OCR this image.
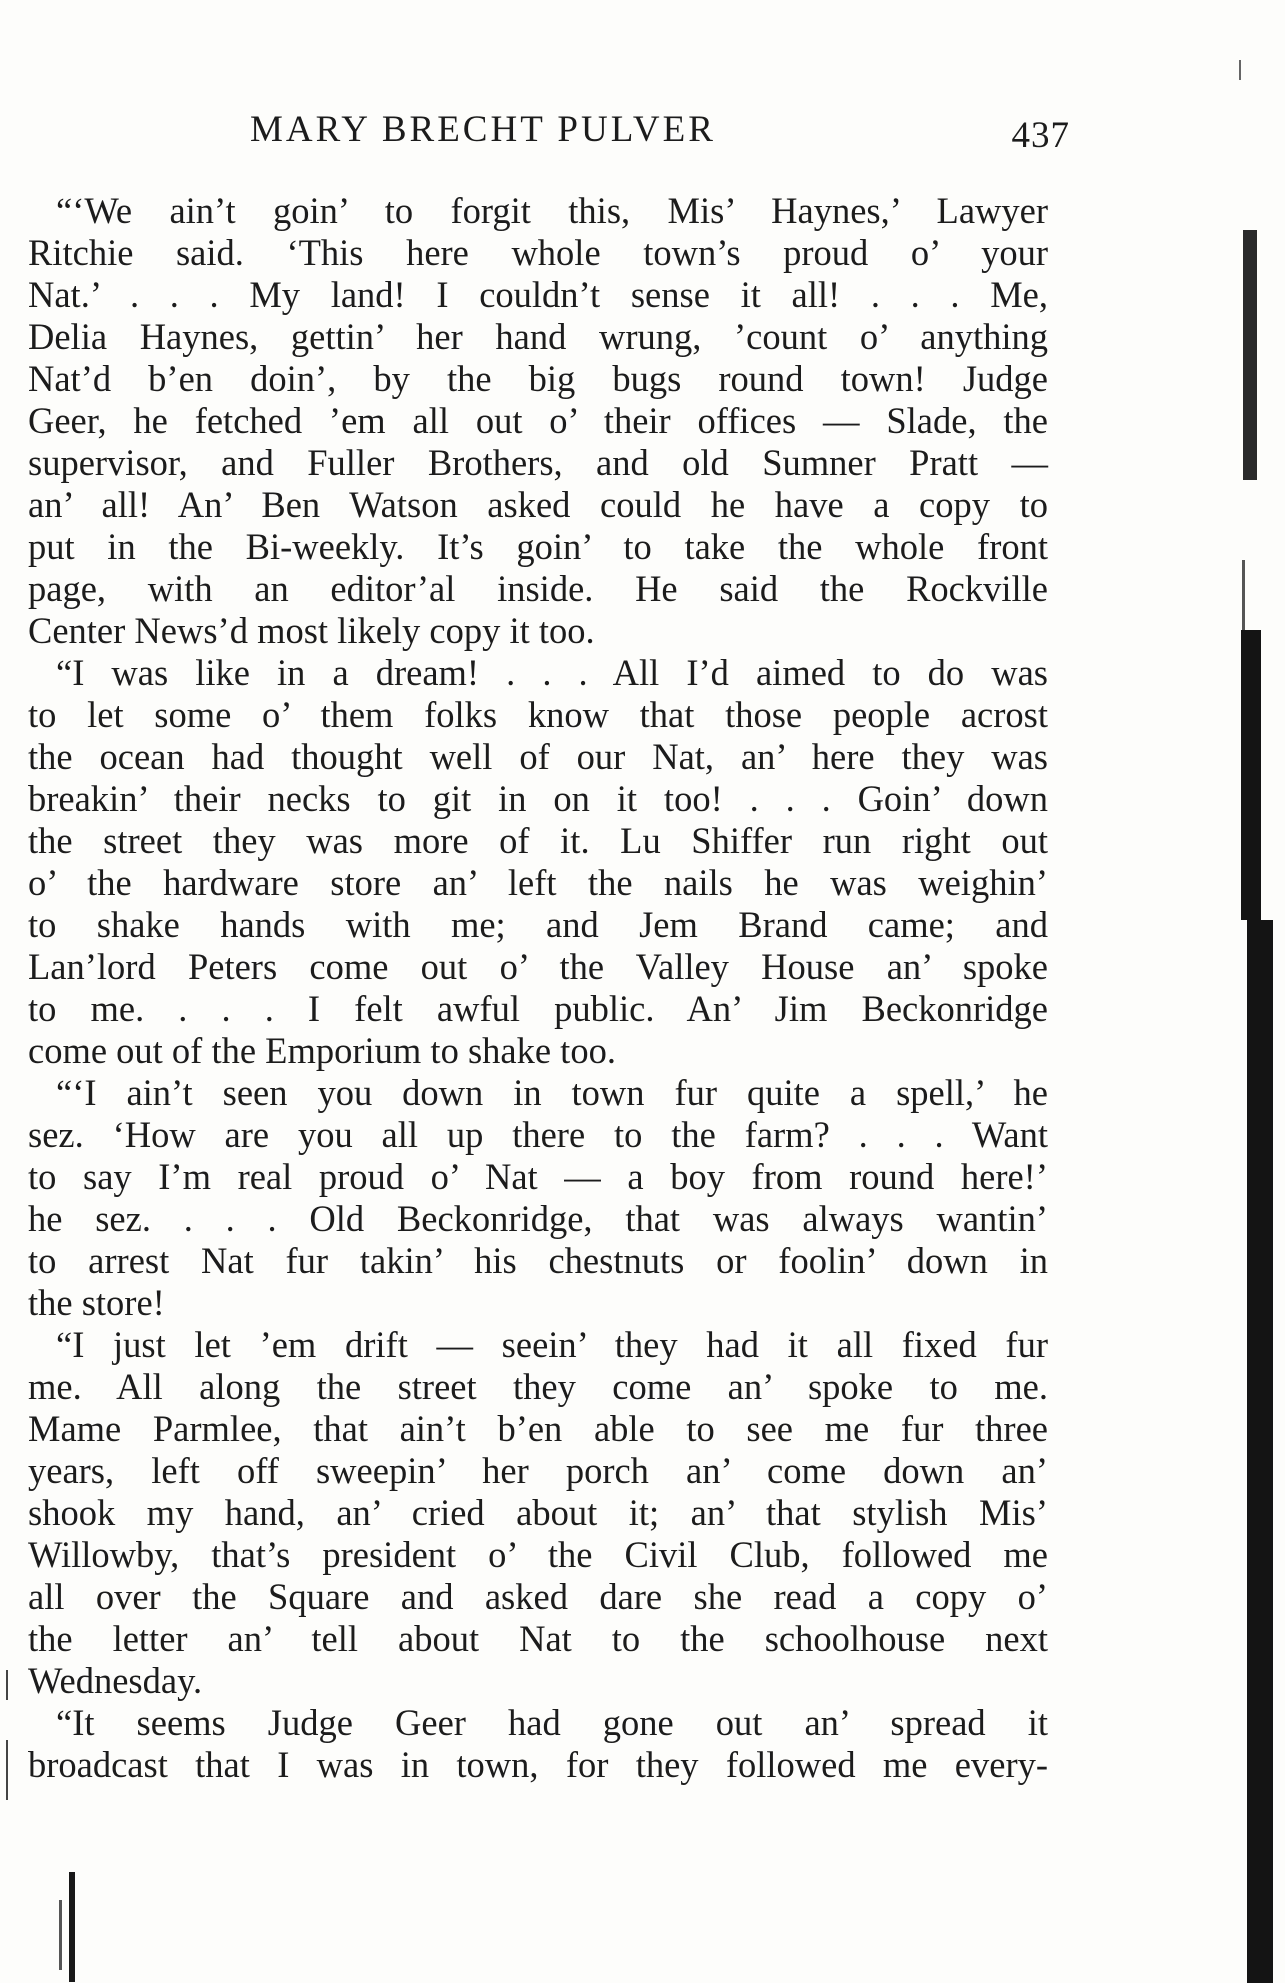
MARY BRECHT PULVER	437
“‘We ain’t goin’ to forgit this, Mis’ Haynes,’ Lawyer
Ritchie said. ‘This here whole town’s proud o’ your
Nat.’ . . . My land! I couldn’t sense it all! . . . Me,
Delia Haynes, gettin’ her hand wrung, ’count o’ anything
Nat’d b’en doin’, by the big bugs round town! Judge
Geer, he fetched ’em all out o’ their offices — Slade, the
supervisor, and Fuller Brothers, and old Sumner Pratt —
an’ all! An’ Ben Watson asked could he have a copy to
put in the Bi-weekly. It’s goin’ to take the whole front
page, with an editor’al inside. He said the Rockville
Center News’d most likely copy it too.
“I was like in a dream! . . . All I’d aimed to do was
to let some o’ them folks know that those people acrost
the ocean had thought well of our Nat, an’ here they was
breakin’ their necks to git in on it too! . . . Goin’ down
the street they was more of it. Lu Shiffer run right out
o’ the hardware store an’ left the nails he was weighin’
to shake hands with me; and Jem Brand came; and
Lan’lord Peters come out o’ the Valley House an’ spoke
to me. . . . I felt awful public. An’ Jim Beckonridge
come out of the Emporium to shake too.
“‘I ain’t seen you down in town fur quite a spell,’ he
sez. ‘How are you all up there to the farm? . . . Want
to say I’m real proud o’ Nat — a boy from round here!’
he sez. . . . Old Beckonridge, that was always wantin’
to arrest Nat fur takin’ his chestnuts or foolin’ down in
the store!
“I just let ’em drift — seein’ they had it all fixed fur
me. All along the street they come an’ spoke to me.
Mame Parmlee, that ain’t b’en able to see me fur three
years, left off sweepin’ her porch an’ come down an’
shook my hand, an’ cried about it; an’ that stylish Mis’
Willowby, that’s president o’ the Civil Club, followed me
all over the Square and asked dare she read a copy o’
the letter an’ tell about Nat to the schoolhouse next
Wednesday.
“It seems Judge Geer had gone out an’ spread it
broadcast that I was in town, for they followed me every-
